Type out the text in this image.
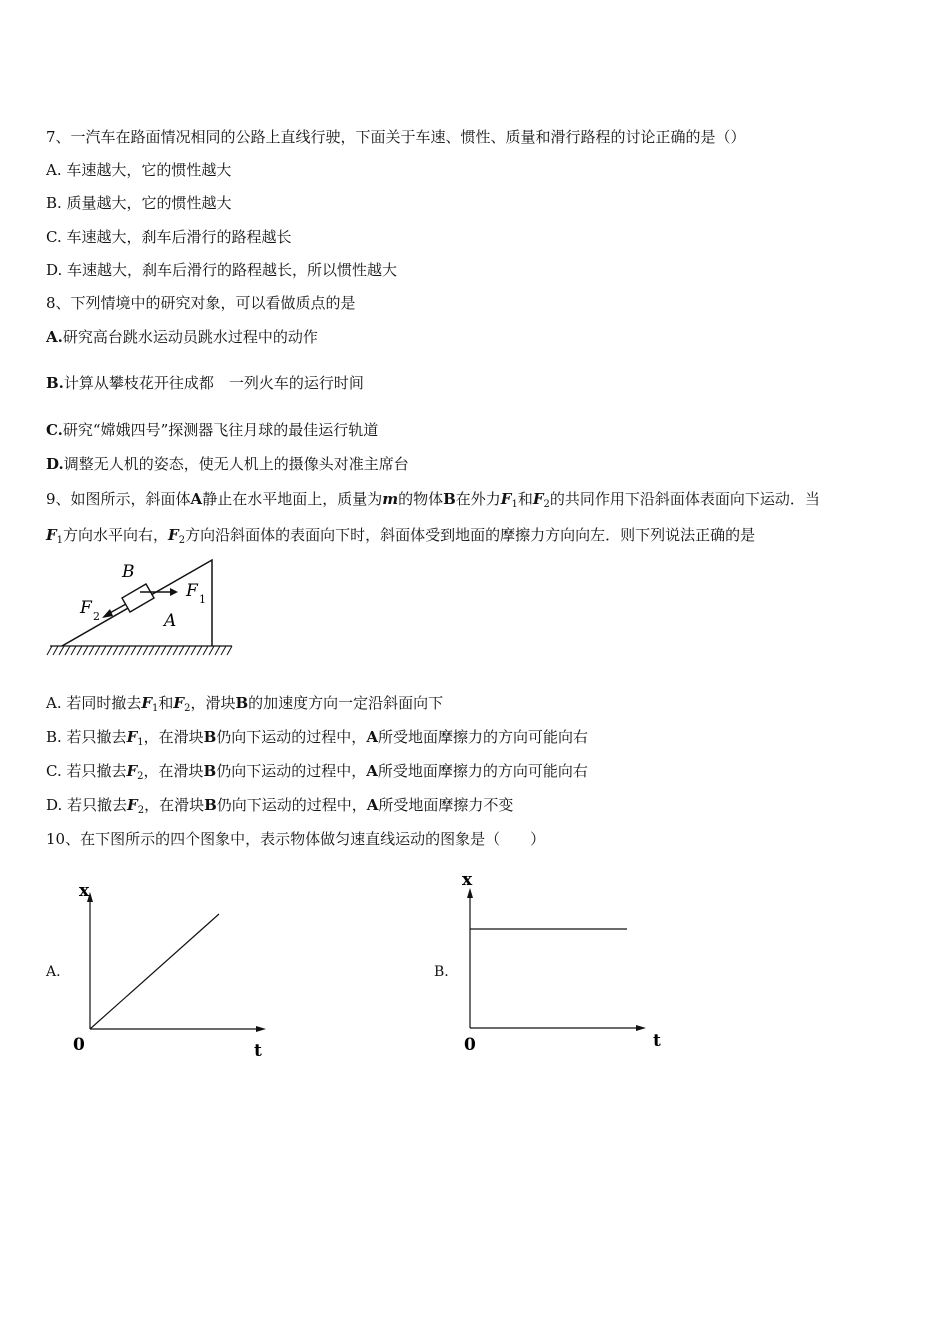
7、一汽车在路面情况相同的公路上直线行驶，下面关于车速、惯性、质量和滑行路程的讨论正确的是（）
A. 车速越大，它的惯性越大
B. 质量越大，它的惯性越大
C. 车速越大，刹车后滑行的路程越长
D. 车速越大，刹车后滑行的路程越长，所以惯性越大
8、下列情境中的研究对象，可以看做质点的是
A.研究高台跳水运动员跳水过程中的动作
B.计算从攀枝花开往成都　一列火车的运行时间
C.研究“嫦娥四号”探测器飞往月球的最佳运行轨道
D.调整无人机的姿态，使无人机上的摄像头对准主席台
9、如图所示，斜面体A静止在水平地面上，质量为m的物体B在外力$F_1$和$F_2$的共同作用下沿斜面体表面向下运动．当
$F_1$方向水平向右，$F_2$方向沿斜面体的表面向下时，斜面体受到地面的摩擦力方向向左．则下列说法正确的是
B
F 1
F 2	A
A. 若同时撤去$F_1$和$F_2$，滑块B的加速度方向一定沿斜面向下
B. 若只撤去$F_1$，在滑块B仍向下运动的过程中，A所受地面摩擦力的方向可能向右
C. 若只撤去$F_2$，在滑块B仍向下运动的过程中，A所受地面摩擦力的方向可能向右
D. 若只撤去$F_2$，在滑块B仍向下运动的过程中，A所受地面摩擦力不变
10、在下图所示的四个图象中，表示物体做匀速直线运动的图象是（　　）
A.
x
t
0
B.
x
t
0
